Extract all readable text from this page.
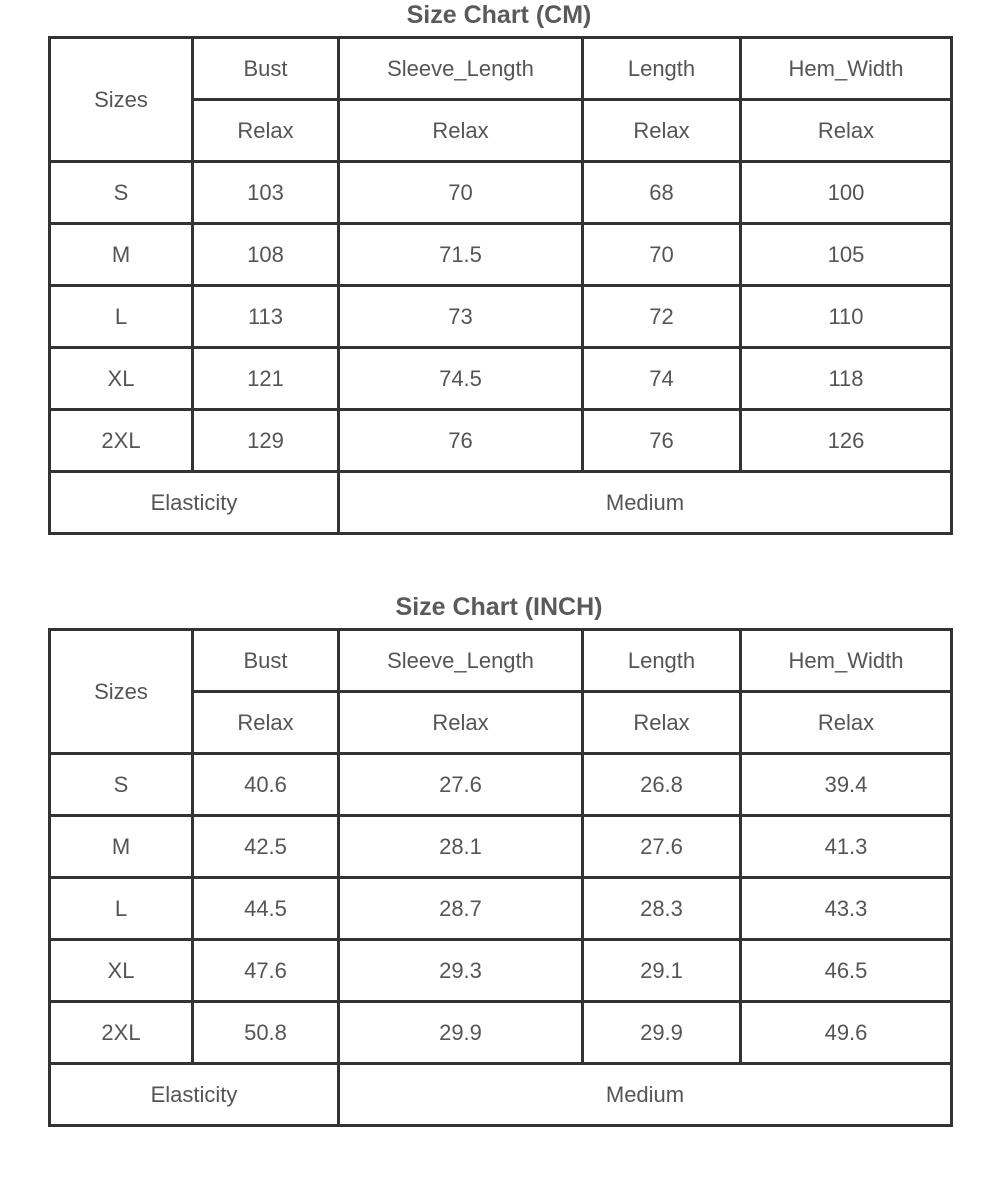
Size Chart (CM)
Sizes	Bust	Sleeve_Length	Length	Hem_Width
	Relax	Relax	Relax	Relax
S	103	70	68	100
M	108	71.5	70	105
L	113	73	72	110
XL	121	74.5	74	118
2XL	129	76	76	126
Elasticity		Medium		
Size Chart (INCH)
Sizes	Bust	Sleeve_Length	Length	Hem_Width
	Relax	Relax	Relax	Relax
S	40.6	27.6	26.8	39.4
M	42.5	28.1	27.6	41.3
L	44.5	28.7	28.3	43.3
XL	47.6	29.3	29.1	46.5
2XL	50.8	29.9	29.9	49.6
Elasticity		Medium		
